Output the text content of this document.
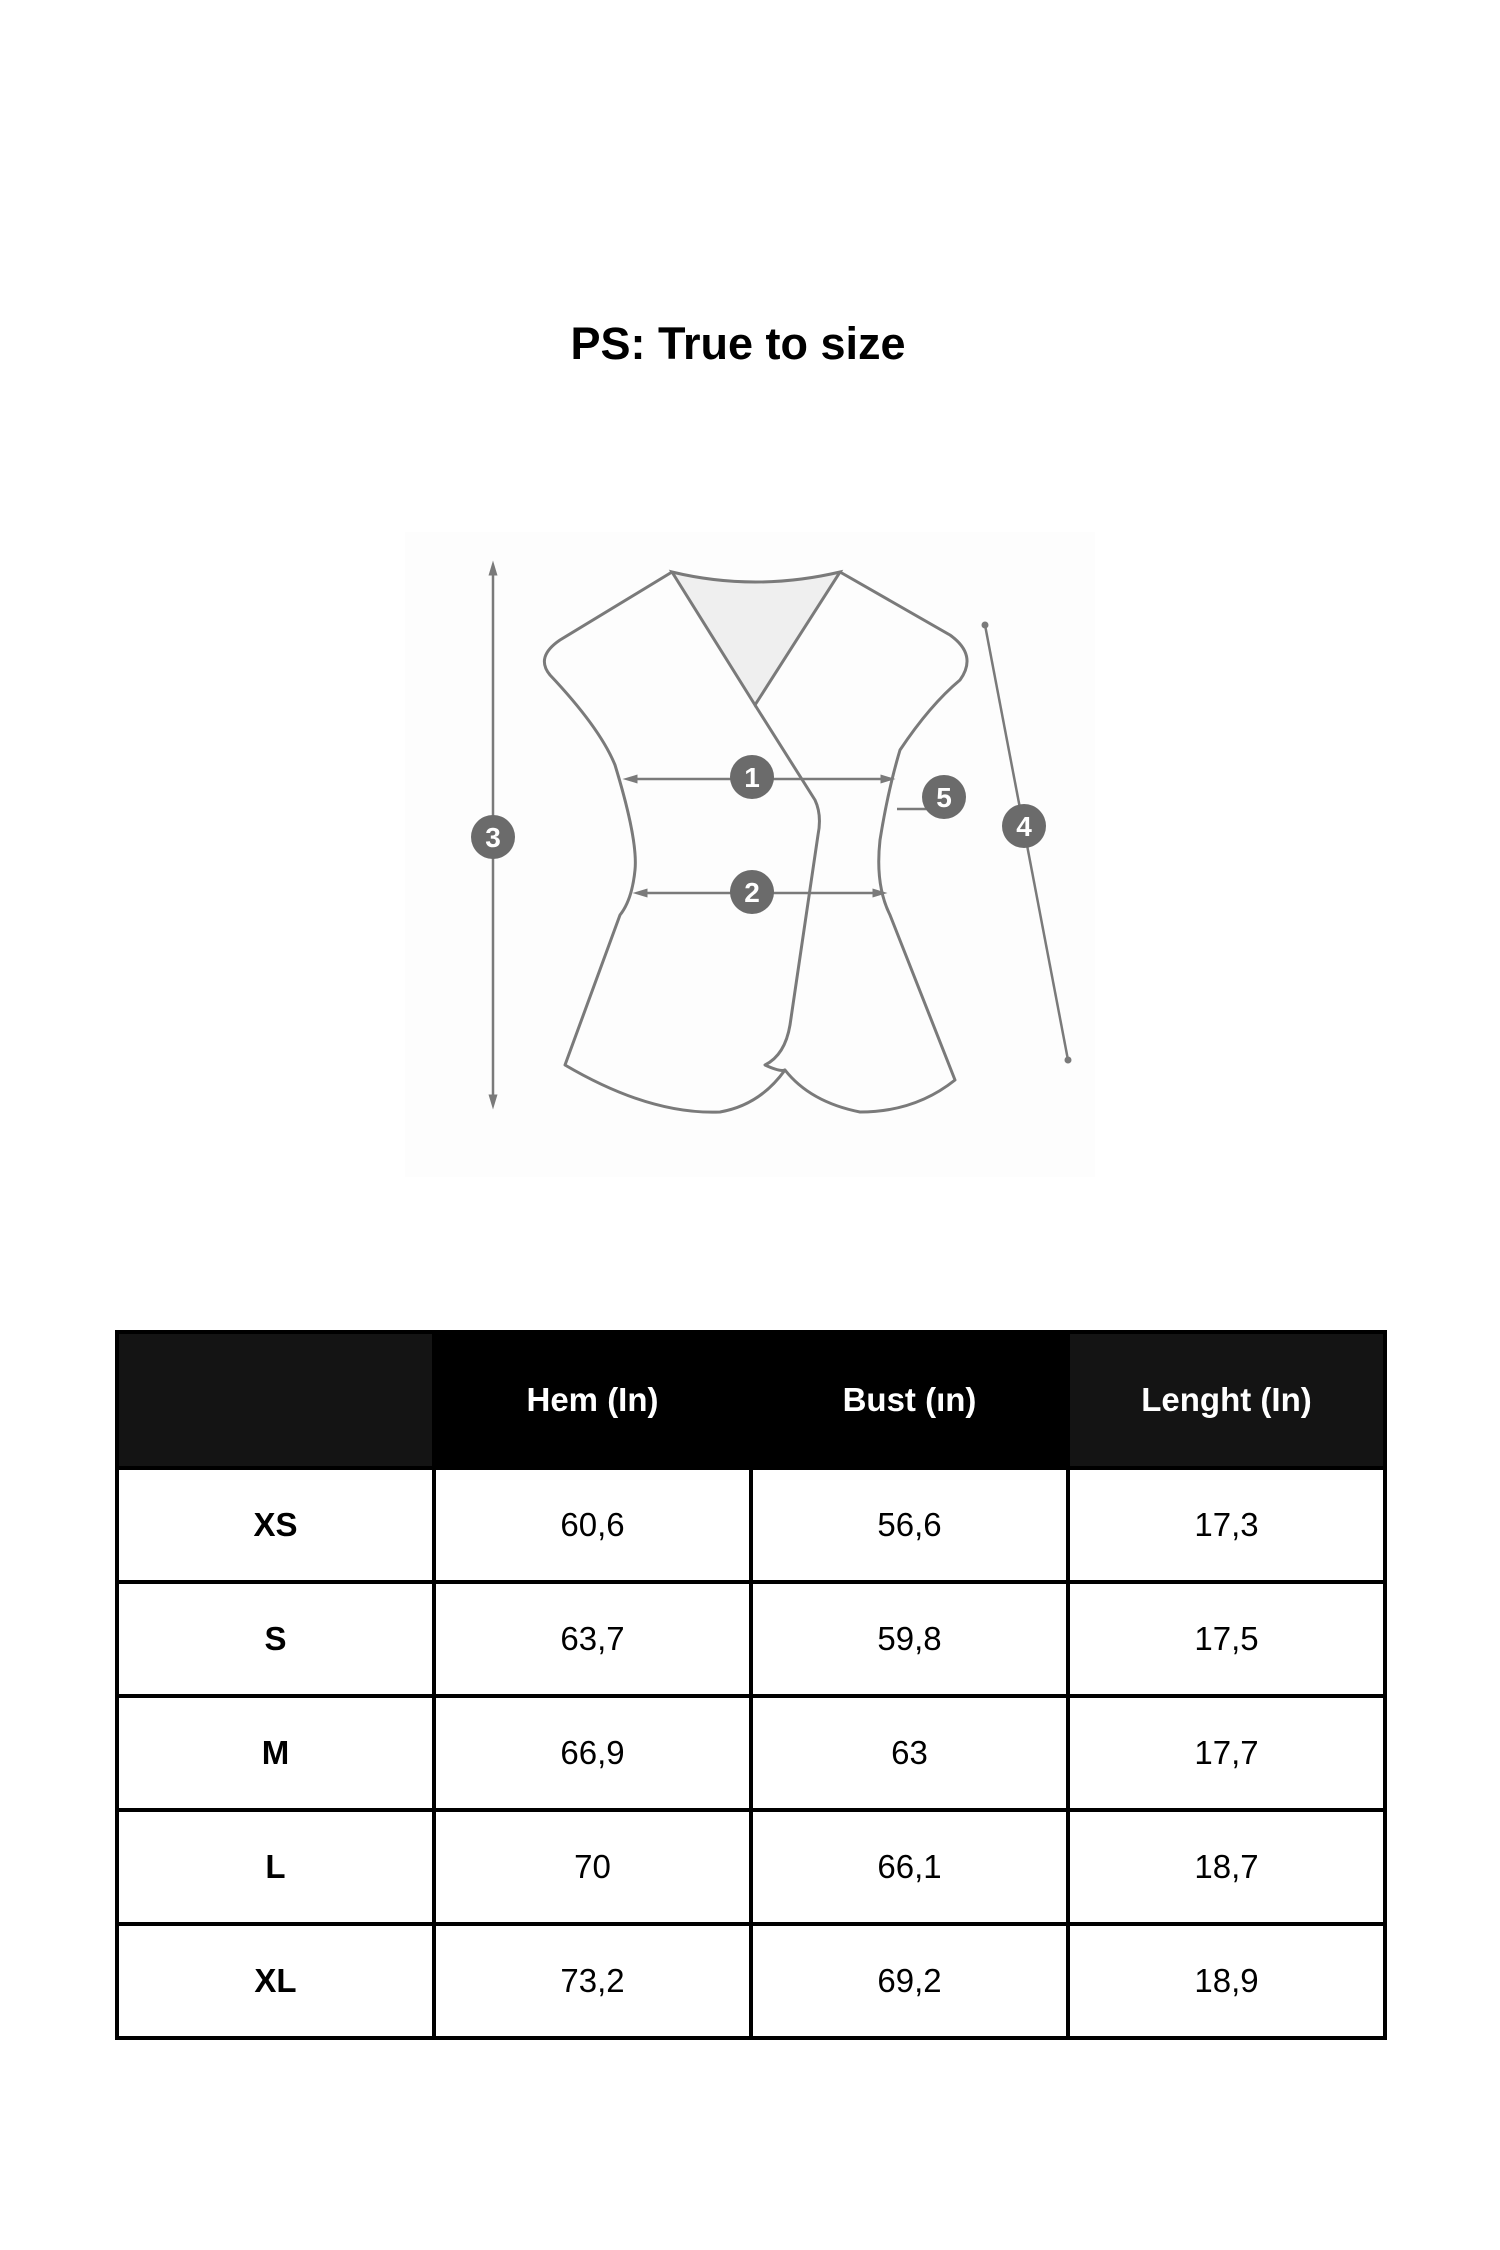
PS: True to size
1
2
3	4
5
	Hem (In)	Bust (ın)	Lenght (In)
XS	60,6	56,6	17,3
S	63,7	59,8	17,5
M	66,9	63	17,7
L	70	66,1	18,7
XL	73,2	69,2	18,9
